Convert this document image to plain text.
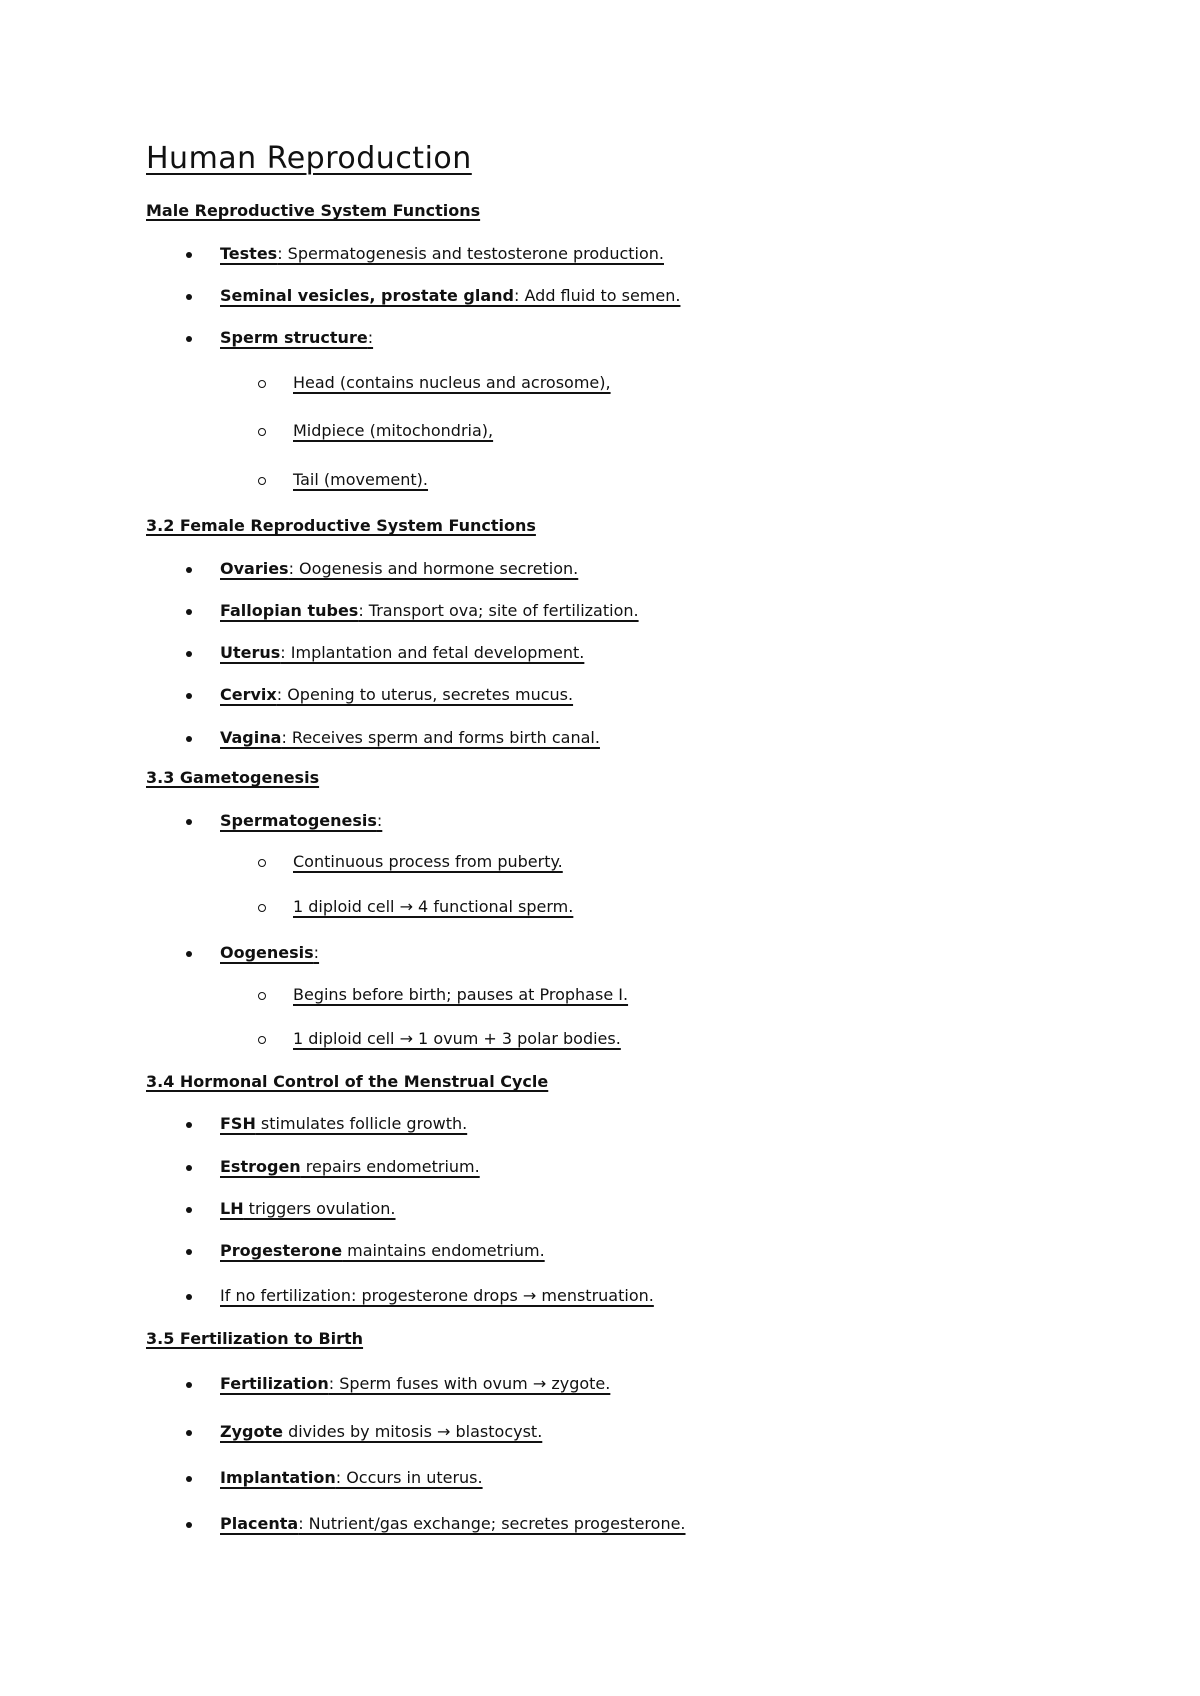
Human Reproduction
Male Reproductive System Functions
Testes: Spermatogenesis and testosterone production.
Seminal vesicles, prostate gland: Add fluid to semen.
Sperm structure:
Head (contains nucleus and acrosome),
Midpiece (mitochondria),
Tail (movement).
3.2 Female Reproductive System Functions
Ovaries: Oogenesis and hormone secretion.
Fallopian tubes: Transport ova; site of fertilization.
Uterus: Implantation and fetal development.
Cervix: Opening to uterus, secretes mucus.
Vagina: Receives sperm and forms birth canal.
3.3 Gametogenesis
Spermatogenesis:
Continuous process from puberty.
1 diploid cell → 4 functional sperm.
Oogenesis:
Begins before birth; pauses at Prophase I.
1 diploid cell → 1 ovum + 3 polar bodies.
3.4 Hormonal Control of the Menstrual Cycle
FSH stimulates follicle growth.
Estrogen repairs endometrium.
LH triggers ovulation.
Progesterone maintains endometrium.
If no fertilization: progesterone drops → menstruation.
3.5 Fertilization to Birth
Fertilization: Sperm fuses with ovum → zygote.
Zygote divides by mitosis → blastocyst.
Implantation: Occurs in uterus.
Placenta: Nutrient/gas exchange; secretes progesterone.
